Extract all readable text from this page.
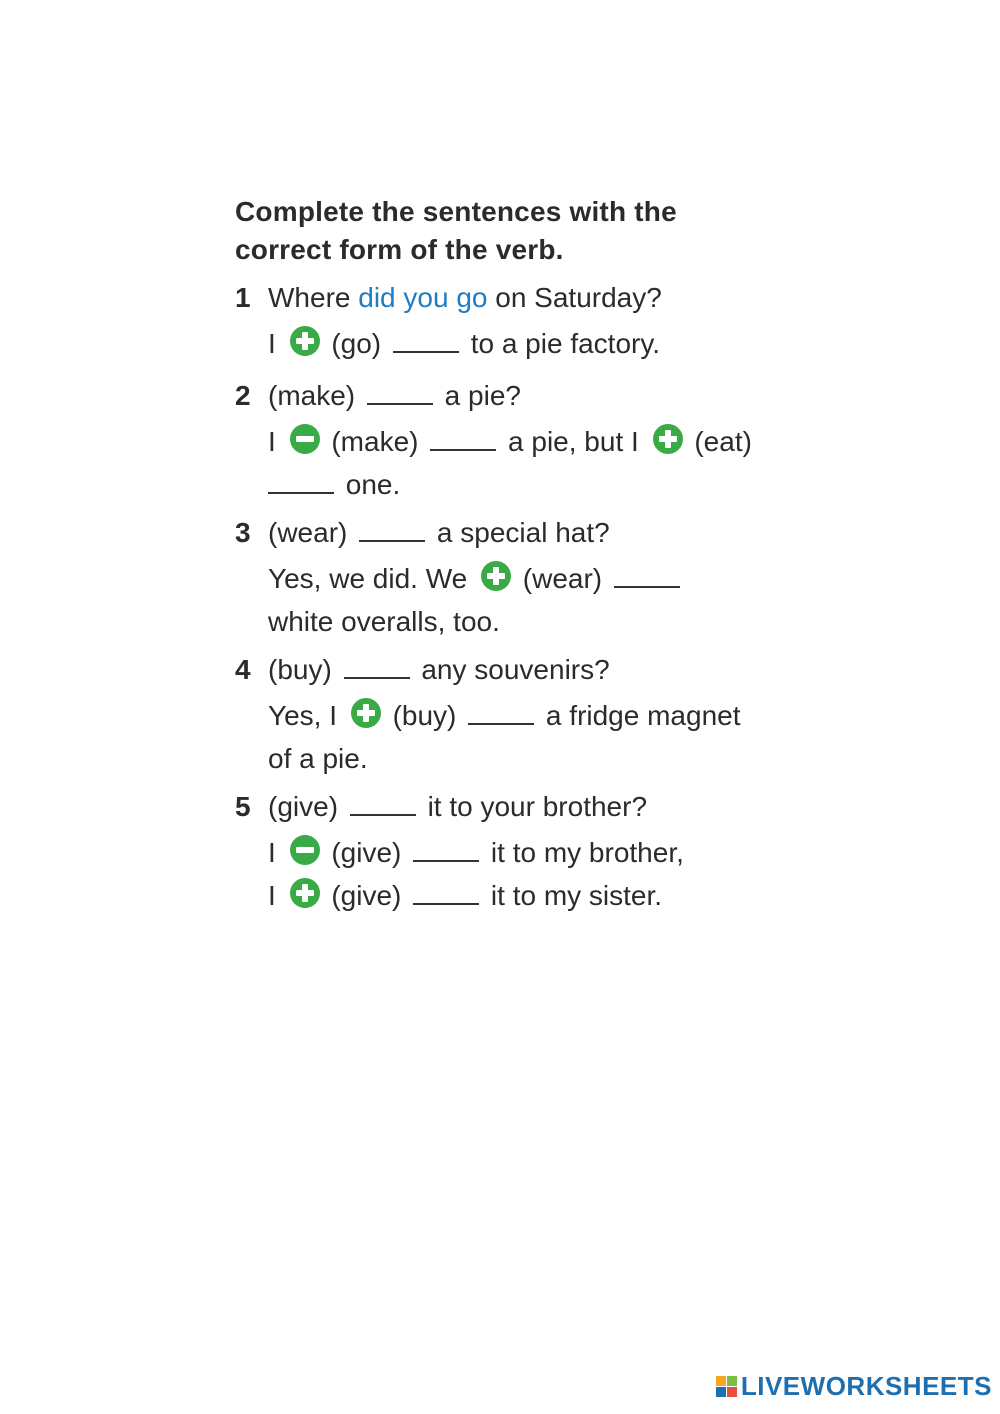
Complete the sentences with the
correct form of the verb.
1 Where did you go on Saturday?
I  (go)	to a pie factory.
2 (make)	a pie?
I  (make)	a pie, but I  (eat)
one.
3 (wear)	a special hat?
Yes, we did. We  (wear)
white overalls, too.
4 (buy)	any souvenirs?
Yes, I  (buy)	a fridge magnet
of a pie.
5 (give)	it to your brother?
I  (give)	it to my brother,
I  (give)	it to my sister.
LIVEWORKSHEETS
